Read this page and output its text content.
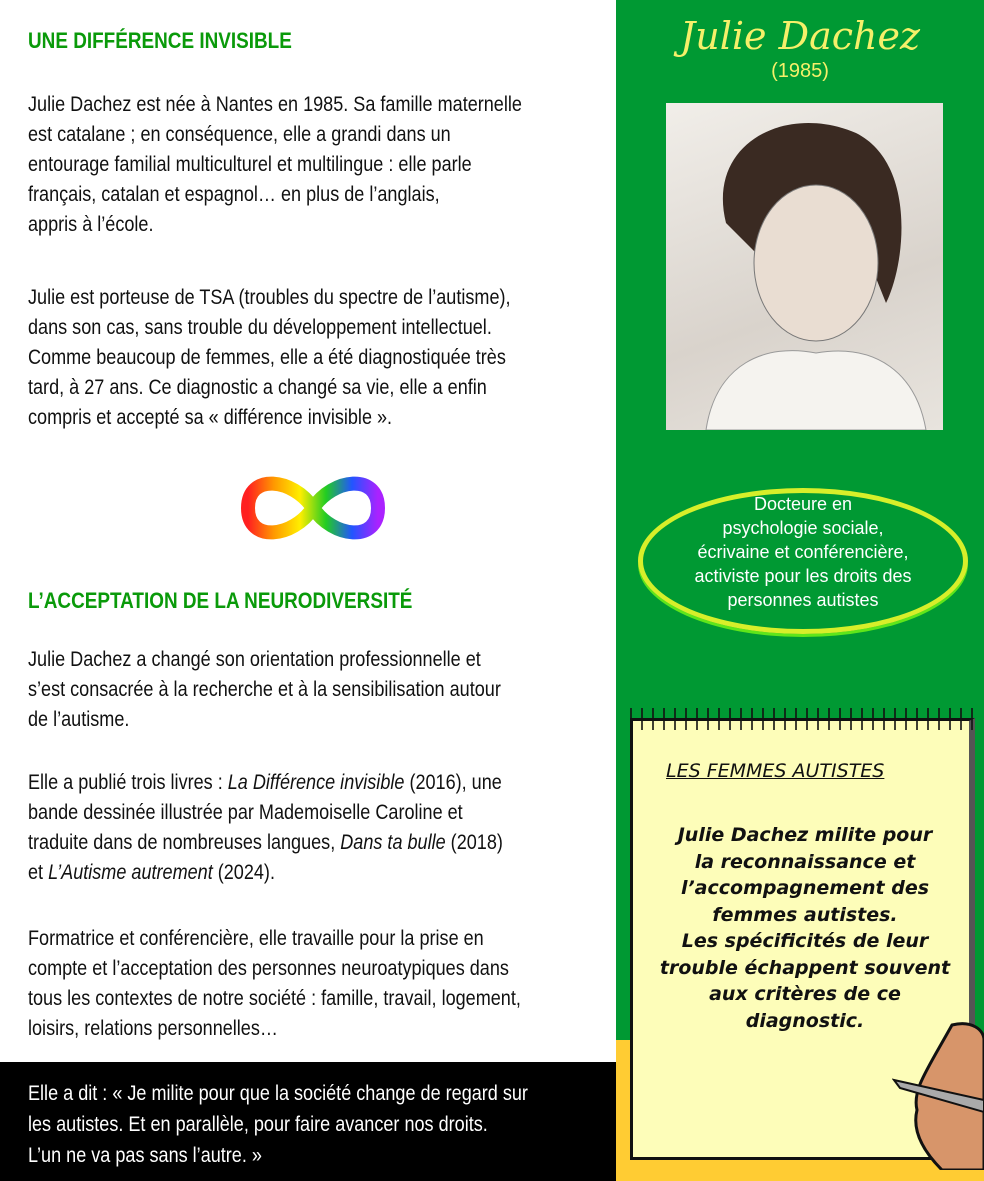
UNE DIFFÉRENCE INVISIBLE
Julie Dachez est née à Nantes en 1985. Sa famille maternelle
est catalane ; en conséquence, elle a grandi dans un
entourage familial multiculturel et multilingue : elle parle
français, catalan et espagnol… en plus de l’anglais,
appris à l’école.
Julie est porteuse de TSA (troubles du spectre de l’autisme),
dans son cas, sans trouble du développement intellectuel.
Comme beaucoup de femmes, elle a été diagnostiquée très
tard, à 27 ans. Ce diagnostic a changé sa vie, elle a enfin
compris et accepté sa « différence invisible ».
L’ACCEPTATION DE LA NEURODIVERSITÉ
Julie Dachez a changé son orientation professionnelle et
s’est consacrée à la recherche et à la sensibilisation autour
de l’autisme.
Elle a publié trois livres : La Différence invisible (2016), une
bande dessinée illustrée par Mademoiselle Caroline et
traduite dans de nombreuses langues, Dans ta bulle (2018)
et L’Autisme autrement (2024).
Formatrice et conférencière, elle travaille pour la prise en
compte et l’acceptation des personnes neuroatypiques dans
tous les contextes de notre société : famille, travail, logement,
loisirs, relations personnelles…
Elle a dit : « Je milite pour que la société change de regard sur
les autistes. Et en parallèle, pour faire avancer nos droits.
L’un ne va pas sans l’autre. »
Julie Dachez
(1985)
Docteure en
psychologie sociale,
écrivaine et conférencière,
activiste pour les droits des
personnes autistes
LES FEMMES AUTISTES
Julie Dachez milite pour
la reconnaissance et
l’accompagnement des
femmes autistes.
Les spécificités de leur
trouble échappent souvent
aux critères de ce
diagnostic.
